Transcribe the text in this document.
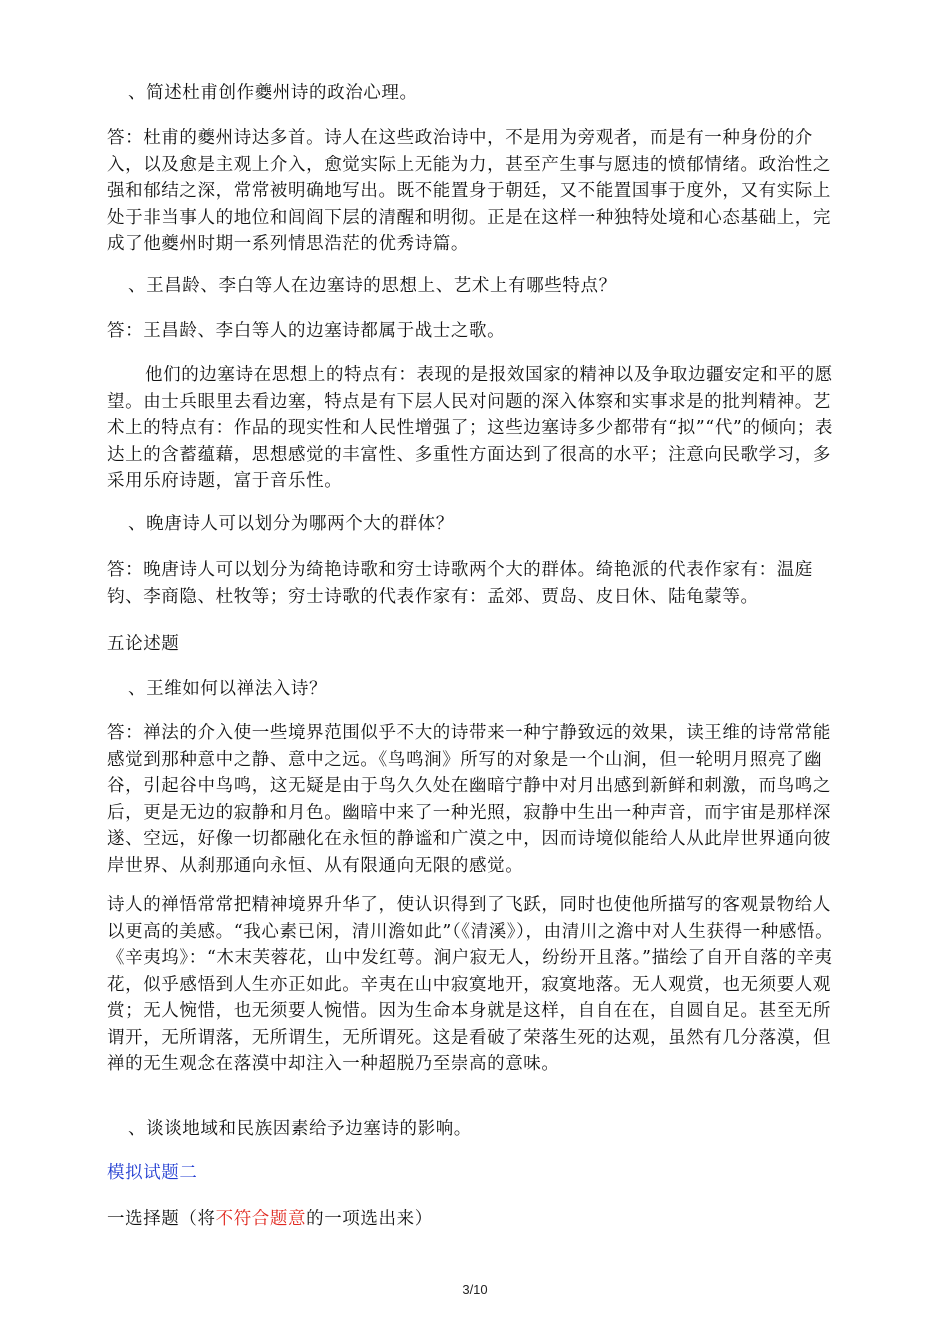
、简述杜甫创作夔州诗的政治心理。

答：杜甫的夔州诗达多首。诗人在这些政治诗中，不是用为旁观者，而是有一种身份的介入，以及愈是主观上介入，愈觉实际上无能为力，甚至产生事与愿违的愤郁情绪。政治性之强和郁结之深，常常被明确地写出。既不能置身于朝廷，又不能置国事于度外，又有实际上处于非当事人的地位和闾阎下层的清醒和明彻。正是在这样一种独特处境和心态基础上，完成了他夔州时期一系列情思浩茫的优秀诗篇。

、王昌龄、李白等人在边塞诗的思想上、艺术上有哪些特点？

答：王昌龄、李白等人的边塞诗都属于战士之歌。

他们的边塞诗在思想上的特点有：表现的是报效国家的精神以及争取边疆安定和平的愿望。由士兵眼里去看边塞，特点是有下层人民对问题的深入体察和实事求是的批判精神。艺术上的特点有：作品的现实性和人民性增强了；这些边塞诗多少都带有“拟”“代”的倾向；表达上的含蓄蕴藉，思想感觉的丰富性、多重性方面达到了很高的水平；注意向民歌学习，多采用乐府诗题，富于音乐性。

、晚唐诗人可以划分为哪两个大的群体？

答：晚唐诗人可以划分为绮艳诗歌和穷士诗歌两个大的群体。绮艳派的代表作家有：温庭钧、李商隐、杜牧等；穷士诗歌的代表作家有：孟郊、贾岛、皮日休、陆龟蒙等。

五论述题

、王维如何以禅法入诗？

答：禅法的介入使一些境界范围似乎不大的诗带来一种宁静致远的效果，读王维的诗常常能感觉到那种意中之静、意中之远。《鸟鸣涧》所写的对象是一个山涧，但一轮明月照亮了幽谷，引起谷中鸟鸣，这无疑是由于鸟久久处在幽暗宁静中对月出感到新鲜和刺激，而鸟鸣之后，更是无边的寂静和月色。幽暗中来了一种光照，寂静中生出一种声音，而宇宙是那样深遂、空远，好像一切都融化在永恒的静谧和广漠之中，因而诗境似能给人从此岸世界通向彼岸世界、从刹那通向永恒、从有限通向无限的感觉。

诗人的禅悟常常把精神境界升华了，使认识得到了飞跃，同时也使他所描写的客观景物给人以更高的美感。“我心素已闲，清川澹如此”（《清溪》），由清川之澹中对人生获得一种感悟。《辛夷坞》：“木末芙蓉花，山中发红萼。涧户寂无人，纷纷开且落。”描绘了自开自落的辛夷花，似乎感悟到人生亦正如此。辛夷在山中寂寞地开，寂寞地落。无人观赏，也无须要人观赏；无人惋惜，也无须要人惋惜。因为生命本身就是这样，自自在在，自圆自足。甚至无所谓开，无所谓落，无所谓生，无所谓死。这是看破了荣落生死的达观，虽然有几分落漠，但禅的无生观念在落漠中却注入一种超脱乃至崇高的意味。

、谈谈地域和民族因素给予边塞诗的影响。

模拟试题二

一选择题（将不符合题意的一项选出来）

3/10
